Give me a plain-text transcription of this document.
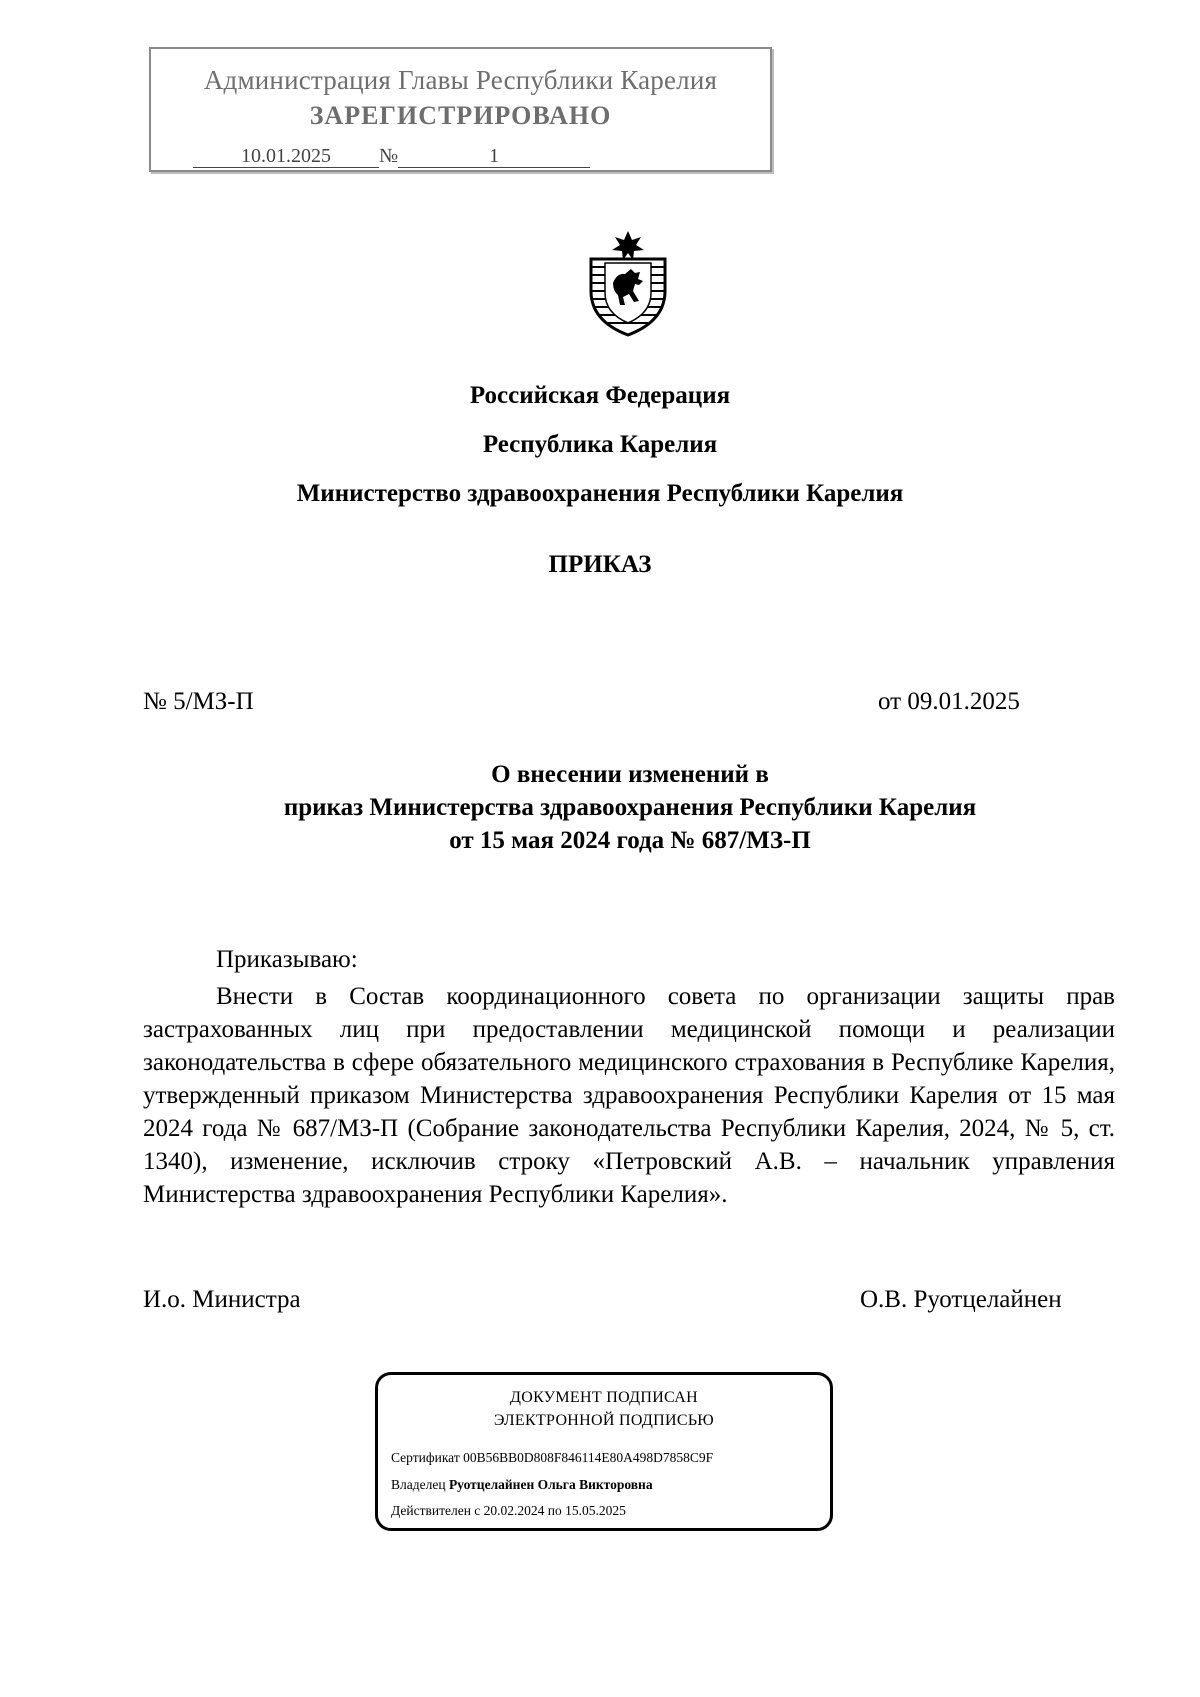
Администрация Главы Республики Карелия
ЗАРЕГИСТРИРОВАНО
10.01.2025 №	1
Российская Федерация
Республика Карелия
Министерство здравоохранения Республики Карелия
ПРИКАЗ
№ 5/МЗ-П	от 09.01.2025
О внесении изменений в
приказ Министерства здравоохранения Республики Карелия
от 15 мая 2024 года № 687/МЗ-П
Приказываю:
Внести в Состав координационного совета по организации защиты прав застрахованных лиц при предоставлении медицинской помощи и реализации законодательства в сфере обязательного медицинского страхования в Республике Карелия, утвержденный приказом Министерства здравоохранения Республики Карелия от 15 мая 2024 года № 687/МЗ-П (Собрание законодательства Республики Карелия, 2024, № 5, ст. 1340), изменение, исключив строку «Петровский А.В. – начальник управления Министерства здравоохранения Республики Карелия».
И.о. Министра	О.В. Руотцелайнен
ДОКУМЕНТ ПОДПИСАН
ЭЛЕКТРОННОЙ ПОДПИСЬЮ
Сертификат 00B56BB0D808F846114E80A498D7858C9F
Владелец Руотцелайнен Ольга Викторовна
Действителен с 20.02.2024 по 15.05.2025
